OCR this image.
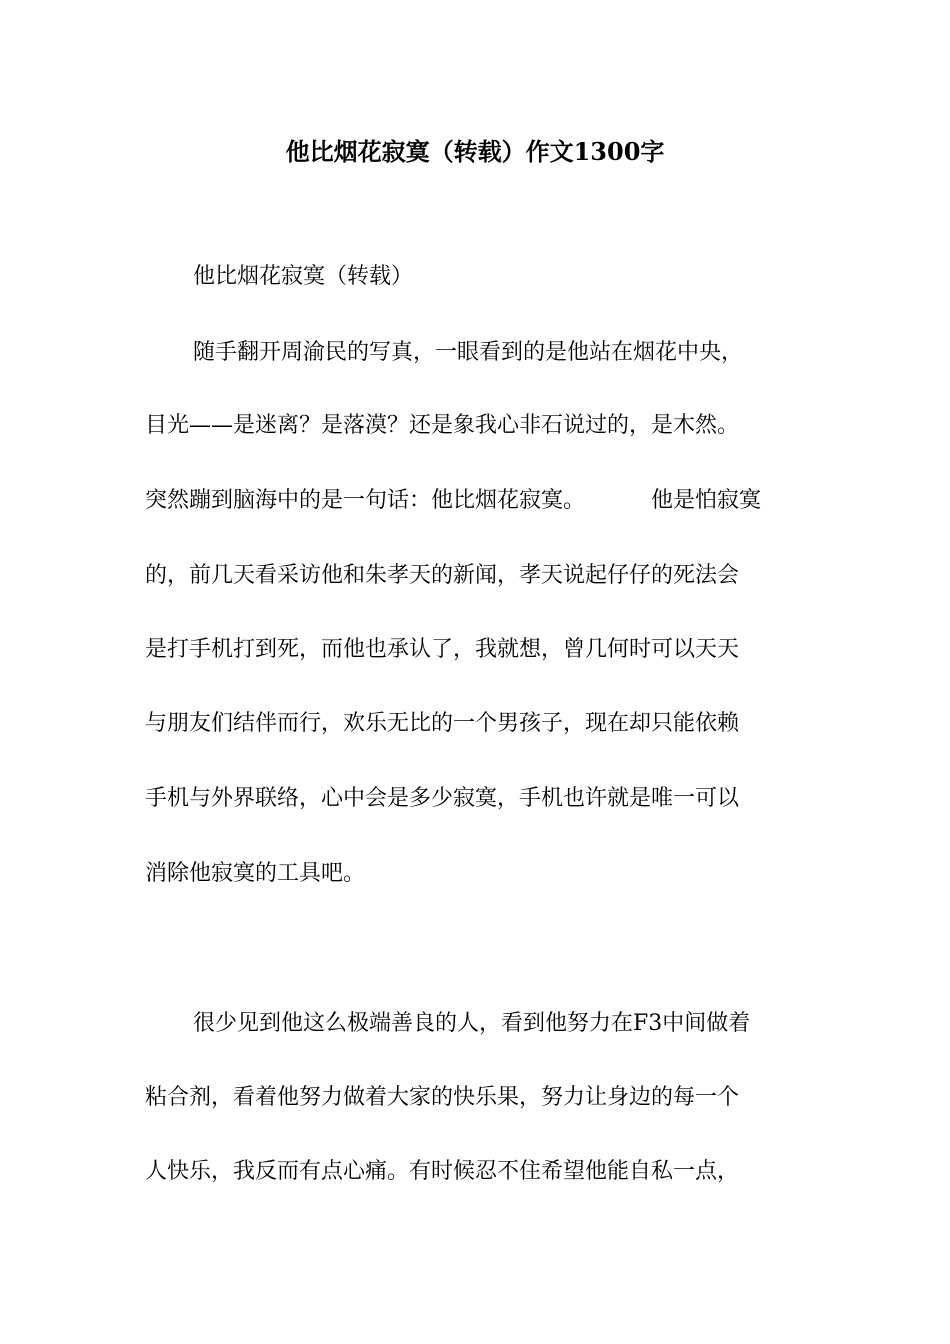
他比烟花寂寞（转载）作文1300字
他比烟花寂寞（转载）
随手翻开周渝民的写真，一眼看到的是他站在烟花中央，
目光——是迷离？是落漠？还是象我心非石说过的，是木然。
突然蹦到脑海中的是一句话：他比烟花寂寞。	他是怕寂寞
的，前几天看采访他和朱孝天的新闻，孝天说起仔仔的死法会
是打手机打到死，而他也承认了，我就想，曾几何时可以天天
与朋友们结伴而行，欢乐无比的一个男孩子，现在却只能依赖
手机与外界联络，心中会是多少寂寞，手机也许就是唯一可以
消除他寂寞的工具吧。
很少见到他这么极端善良的人，看到他努力在F3中间做着
粘合剂，看着他努力做着大家的快乐果，努力让身边的每一个
人快乐，我反而有点心痛。有时候忍不住希望他能自私一点，
